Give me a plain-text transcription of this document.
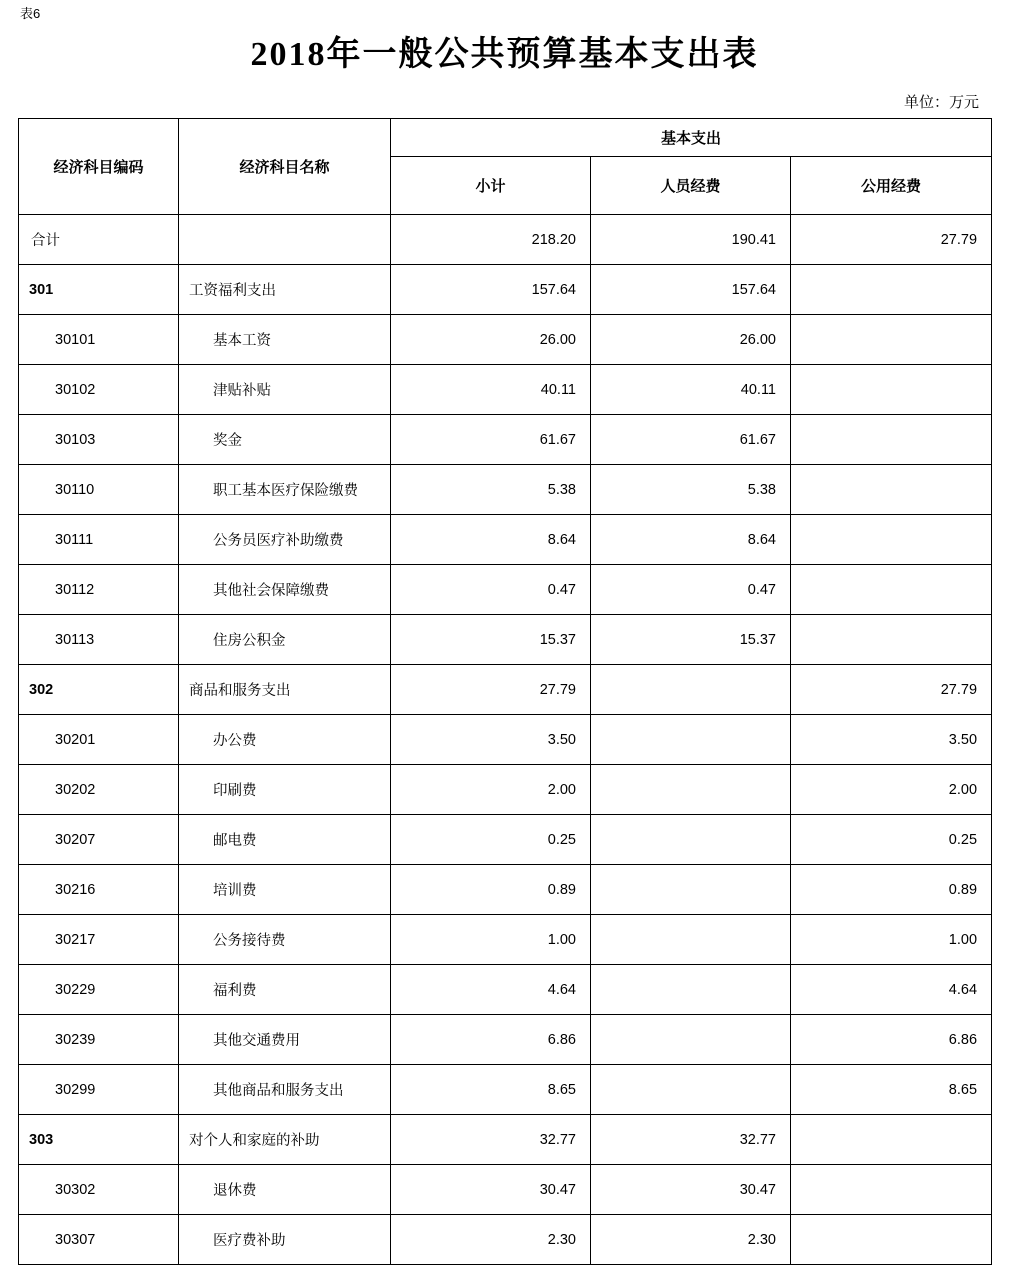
表6
2018年一般公共预算基本支出表
单位：万元
经济科目编码	经济科目名称	基本支出		
		小计	人员经费	公用经费
合计		218.20	190.41	27.79
301	工资福利支出	157.64	157.64	
30101	基本工资	26.00	26.00	
30102	津贴补贴	40.11	40.11	
30103	奖金	61.67	61.67	
30110	职工基本医疗保险缴费	5.38	5.38	
30111	公务员医疗补助缴费	8.64	8.64	
30112	其他社会保障缴费	0.47	0.47	
30113	住房公积金	15.37	15.37	
302	商品和服务支出	27.79		27.79
30201	办公费	3.50		3.50
30202	印刷费	2.00		2.00
30207	邮电费	0.25		0.25
30216	培训费	0.89		0.89
30217	公务接待费	1.00		1.00
30229	福利费	4.64		4.64
30239	其他交通费用	6.86		6.86
30299	其他商品和服务支出	8.65		8.65
303	对个人和家庭的补助	32.77	32.77	
30302	退休费	30.47	30.47	
30307	医疗费补助	2.30	2.30	
